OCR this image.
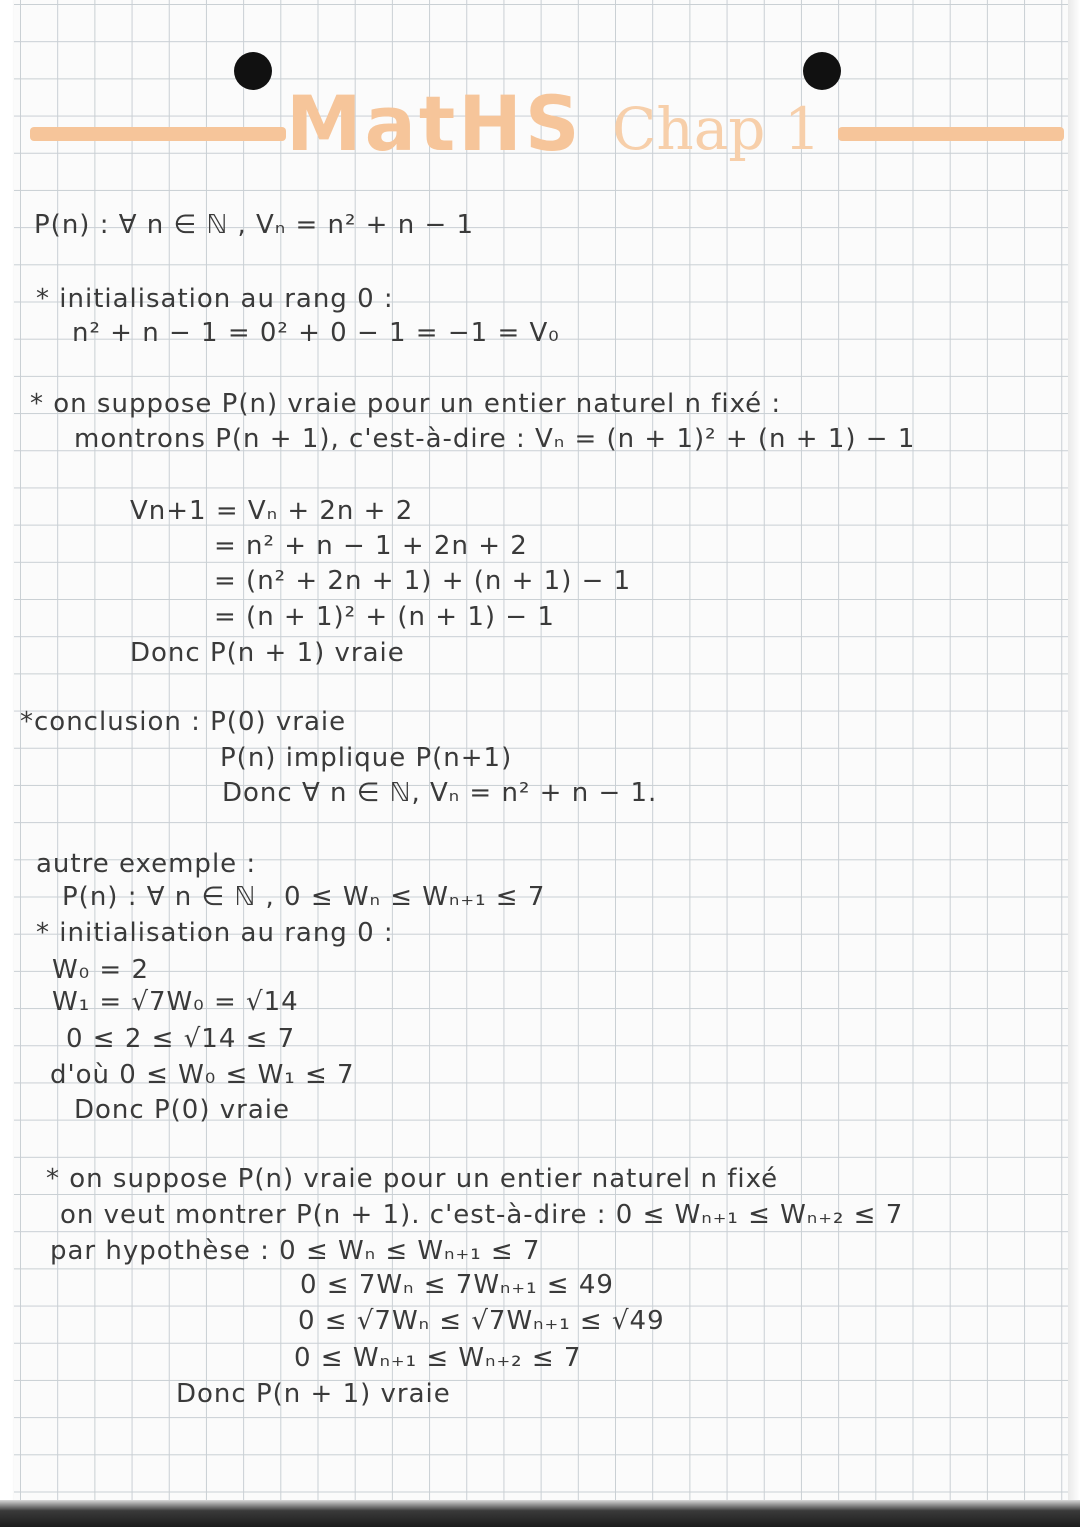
MatHS Chap 1
P(n) : ∀ n ∈ ℕ , Vₙ = n² + n − 1
* initialisation au rang 0 :
n² + n − 1 = 0² + 0 − 1 = −1 = V₀
* on suppose P(n) vraie pour un entier naturel n fixé :
montrons P(n + 1), c'est-à-dire : Vₙ = (n + 1)² + (n + 1) − 1
Vn+1 = Vₙ + 2n + 2
= n² + n − 1 + 2n + 2
= (n² + 2n + 1) + (n + 1) − 1
= (n + 1)² + (n + 1) − 1
Donc P(n + 1) vraie
*conclusion : P(0) vraie
P(n) implique P(n+1)
Donc ∀ n ∈ ℕ, Vₙ = n² + n − 1.
autre exemple :
P(n) : ∀ n ∈ ℕ , 0 ≤ Wₙ ≤ Wₙ₊₁ ≤ 7
* initialisation au rang 0 :
W₀ = 2
W₁ = √7W₀ = √14
0 ≤ 2 ≤ √14 ≤ 7
d'où 0 ≤ W₀ ≤ W₁ ≤ 7
Donc P(0) vraie
* on suppose P(n) vraie pour un entier naturel n fixé
on veut montrer P(n + 1). c'est-à-dire : 0 ≤ Wₙ₊₁ ≤ Wₙ₊₂ ≤ 7
par hypothèse : 0 ≤ Wₙ ≤ Wₙ₊₁ ≤ 7
0 ≤ 7Wₙ ≤ 7Wₙ₊₁ ≤ 49
0 ≤ √7Wₙ ≤ √7Wₙ₊₁ ≤ √49
0 ≤ Wₙ₊₁ ≤ Wₙ₊₂ ≤ 7
Donc P(n + 1) vraie
